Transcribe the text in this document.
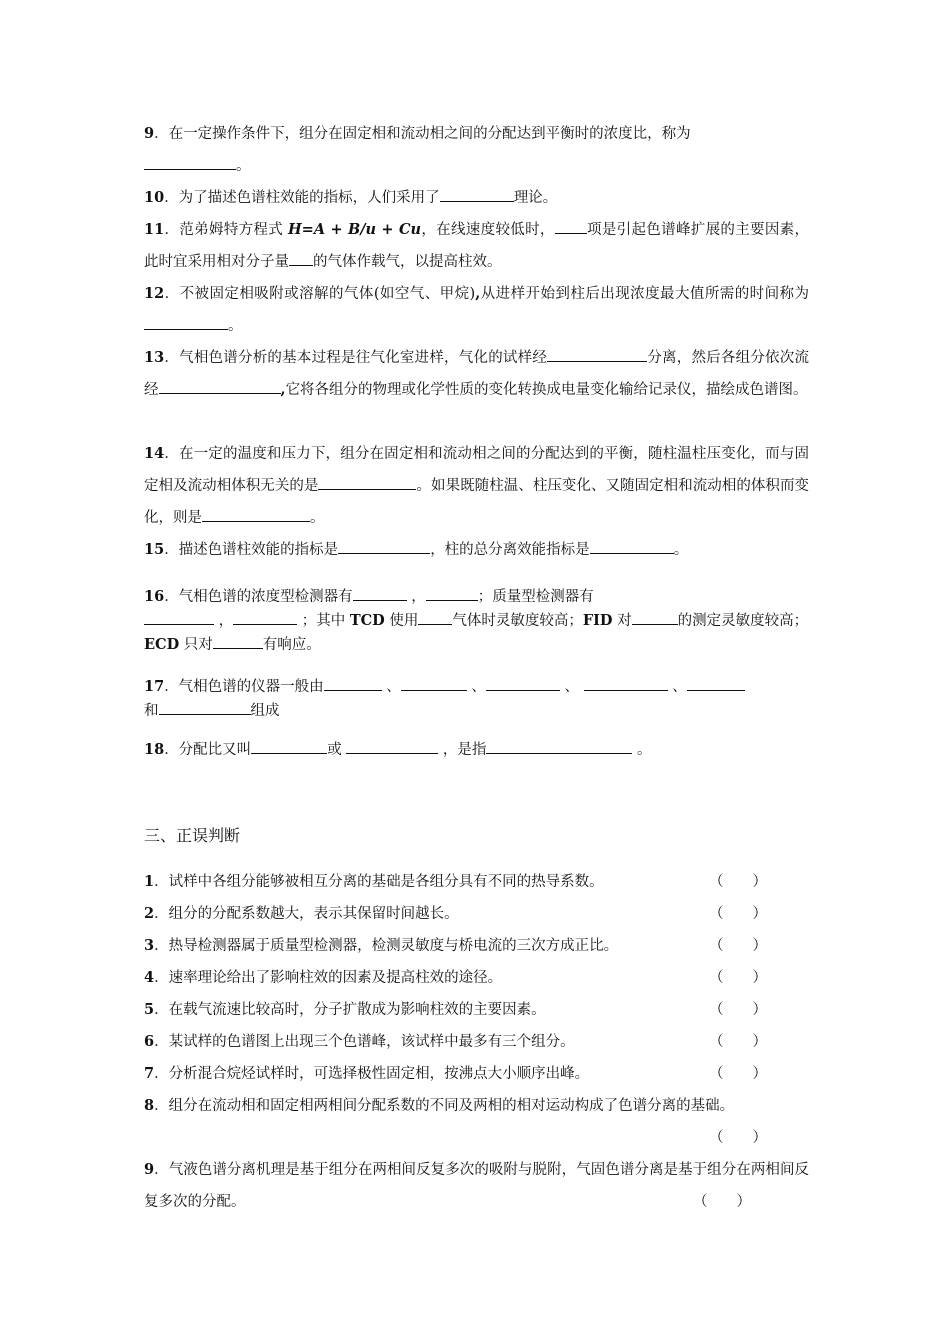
9．在一定操作条件下，组分在固定相和流动相之间的分配达到平衡时的浓度比，称为
。

10．为了描述色谱柱效能的指标，人们采用了	理论。

11．范弟姆特方程式 H=A + B/u + Cu，在线速度较低时， 项是引起色谱峰扩展的主要因素，此时宜采用相对分子量 的气体作载气，以提高柱效。

12．不被固定相吸附或溶解的气体(如空气、甲烷),从进样开始到柱后出现浓度最大值所需的时间称为。

13．气相色谱分析的基本过程是往气化室进样，气化的试样经	分离，然后各组分依次流经	,它将各组分的物理或化学性质的变化转换成电量变化输给记录仪，描绘成色谱图。

14．在一定的温度和压力下，组分在固定相和流动相之间的分配达到的平衡，随柱温柱压变化，而与固定相及流动相体积无关的是	。如果既随柱温、柱压变化、又随固定相和流动相的体积而变化，则是	。

15．描述色谱柱效能的指标是	，柱的总分离效能指标是	。

16．气相色谱的浓度型检测器有	，	；质量型检测器有
，	；其中 TCD 使用 气体时灵敏度较高；FID 对	的测定灵敏度较高；ECD 只对	有响应。

17．气相色谱的仪器一般由	、	、	、	、
和	组成

18．分配比又叫	或	，是指	。

三、正误判断
1．试样中各组分能够被相互分离的基础是各组分具有不同的热导系数。	（　　）
2．组分的分配系数越大，表示其保留时间越长。	（　　）
3．热导检测器属于质量型检测器，检测灵敏度与桥电流的三次方成正比。	（　　）
4．速率理论给出了影响柱效的因素及提高柱效的途径。	（　　）
5．在载气流速比较高时，分子扩散成为影响柱效的主要因素。	（　　）
6．某试样的色谱图上出现三个色谱峰，该试样中最多有三个组分。	（　　）
7．分析混合烷烃试样时，可选择极性固定相，按沸点大小顺序出峰。	（　　）
8．组分在流动相和固定相两相间分配系数的不同及两相的相对运动构成了色谱分离的基础。
（　　）
9．气液色谱分离机理是基于组分在两相间反复多次的吸附与脱附，气固色谱分离是基于组分在两相间反复多次的分配。	（　　）
